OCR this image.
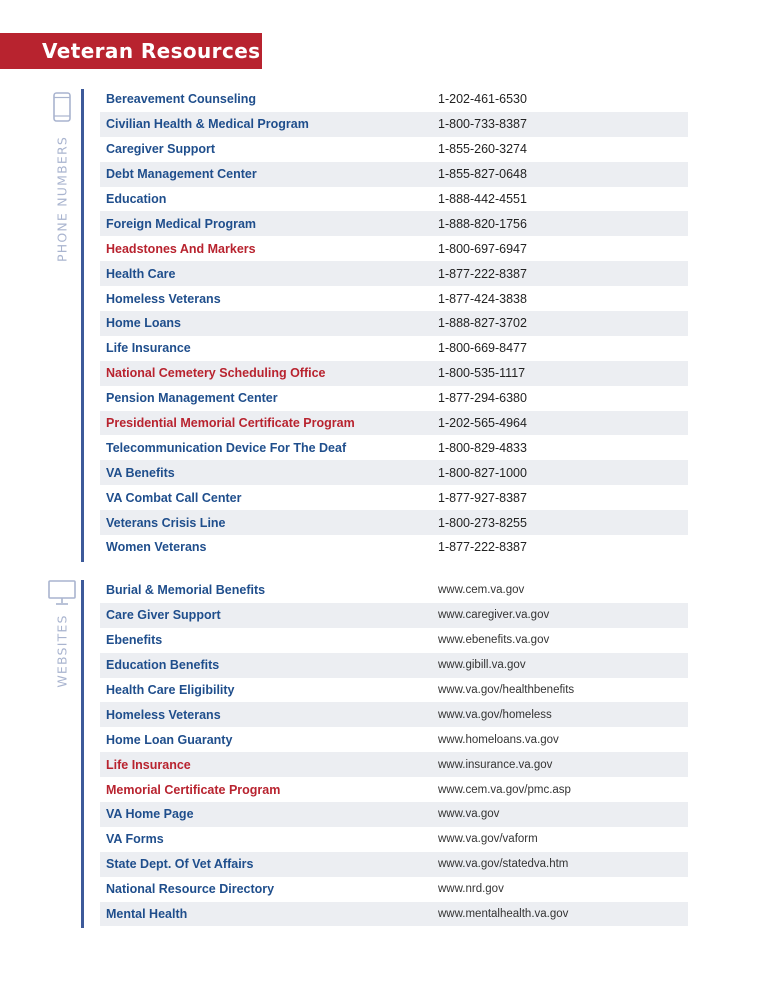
Veteran Resources
PHONE NUMBERS
Bereavement Counseling	1-202-461-6530
Civilian Health & Medical Program	1-800-733-8387
Caregiver Support	1-855-260-3274
Debt Management Center	1-855-827-0648
Education	1-888-442-4551
Foreign Medical Program	1-888-820-1756
Headstones And Markers	1-800-697-6947
Health Care	1-877-222-8387
Homeless Veterans	1-877-424-3838
Home Loans	1-888-827-3702
Life Insurance	1-800-669-8477
National Cemetery Scheduling Office	1-800-535-1117
Pension Management Center	1-877-294-6380
Presidential Memorial Certificate Program	1-202-565-4964
Telecommunication Device For The Deaf	1-800-829-4833
VA Benefits	1-800-827-1000
VA Combat Call Center	1-877-927-8387
Veterans Crisis Line	1-800-273-8255
Women Veterans	1-877-222-8387
WEBSITES
Burial & Memorial Benefits	www.cem.va.gov
Care Giver Support	www.caregiver.va.gov
Ebenefits	www.ebenefits.va.gov
Education Benefits	www.gibill.va.gov
Health Care Eligibility	www.va.gov/healthbenefits
Homeless Veterans	www.va.gov/homeless
Home Loan Guaranty	www.homeloans.va.gov
Life Insurance	www.insurance.va.gov
Memorial Certificate Program	www.cem.va.gov/pmc.asp
VA Home Page	www.va.gov
VA Forms	www.va.gov/vaform
State Dept. Of Vet Affairs	www.va.gov/statedva.htm
National Resource Directory	www.nrd.gov
Mental Health	www.mentalhealth.va.gov
